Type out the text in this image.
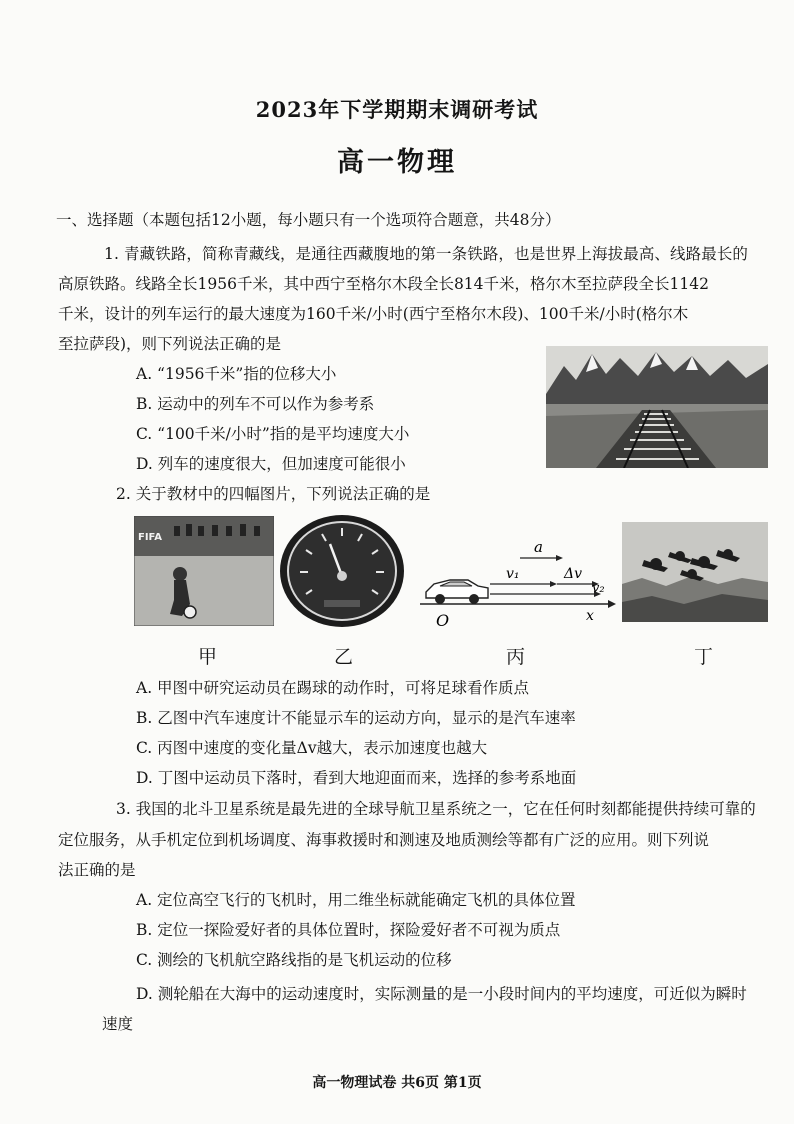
2023年下学期期末调研考试
高一物理
一、选择题（本题包括12小题，每小题只有一个选项符合题意，共48分）
1. 青藏铁路，简称青藏线，是通往西藏腹地的第一条铁路，也是世界上海拔最高、线路最长的
高原铁路。线路全长1956千米，其中西宁至格尔木段全长814千米，格尔木至拉萨段全长1142
千米，设计的列车运行的最大速度为160千米/小时(西宁至格尔木段)、100千米/小时(格尔木
至拉萨段)，则下列说法正确的是
A. “1956千米”指的位移大小
B. 运动中的列车不可以作为参考系
C. “100千米/小时”指的是平均速度大小
D. 列车的速度很大，但加速度可能很小
2. 关于教材中的四幅图片，下列说法正确的是
FIFA
a
v₁	Δv
v₂
x
O
甲	乙	丙	丁
A. 甲图中研究运动员在踢球的动作时，可将足球看作质点
B. 乙图中汽车速度计不能显示车的运动方向，显示的是汽车速率
C. 丙图中速度的变化量Δv越大，表示加速度也越大
D. 丁图中运动员下落时，看到大地迎面而来，选择的参考系地面
3. 我国的北斗卫星系统是最先进的全球导航卫星系统之一，它在任何时刻都能提供持续可靠的
定位服务，从手机定位到机场调度、海事救援时和测速及地质测绘等都有广泛的应用。则下列说
法正确的是
A. 定位高空飞行的飞机时，用二维坐标就能确定飞机的具体位置
B. 定位一探险爱好者的具体位置时，探险爱好者不可视为质点
C. 测绘的飞机航空路线指的是飞机运动的位移
D. 测轮船在大海中的运动速度时，实际测量的是一小段时间内的平均速度，可近似为瞬时
速度
高一物理试卷 共6页 第1页
